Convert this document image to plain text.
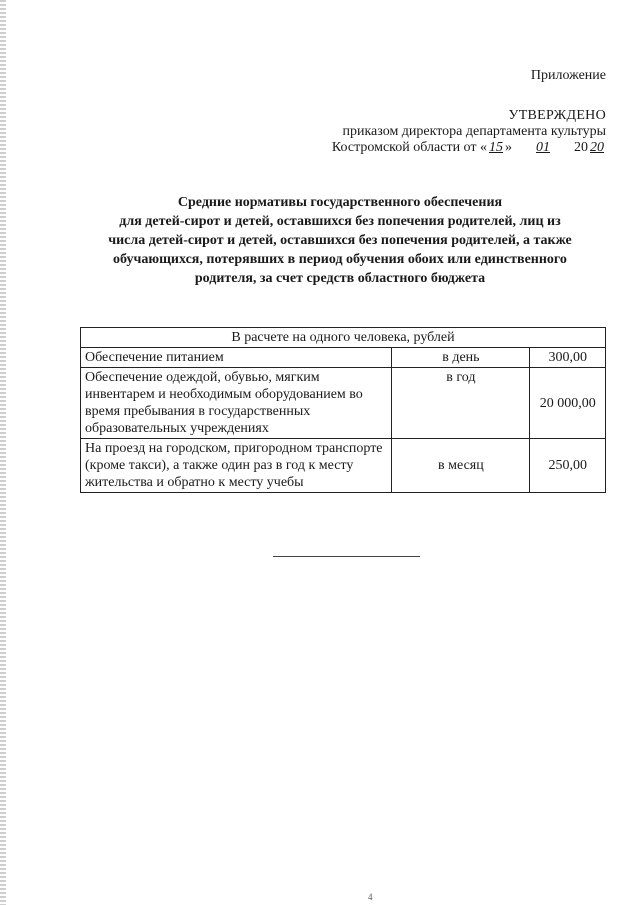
Приложение
УТВЕРЖДЕНО
приказом директора департамента культуры
Костромской области от « 15 » 01 20 20
Средние нормативы государственного обеспечения
для детей-сирот и детей, оставшихся без попечения родителей, лиц из
числа детей-сирот и детей, оставшихся без попечения родителей, а также
обучающихся, потерявших в период обучения обоих или единственного
родителя, за счет средств областного бюджета
В расчете на одного человека, рублей		
Обеспечение питанием	в день	300,00
Обеспечение одеждой, обувью, мягким инвентарем и необходимым оборудованием во время пребывания в государственных образовательных учреждениях	в год	20 000,00
На проезд на городском, пригородном транспорте (кроме такси), а также один раз в год к месту жительства и обратно к месту учебы	в месяц	250,00
4
